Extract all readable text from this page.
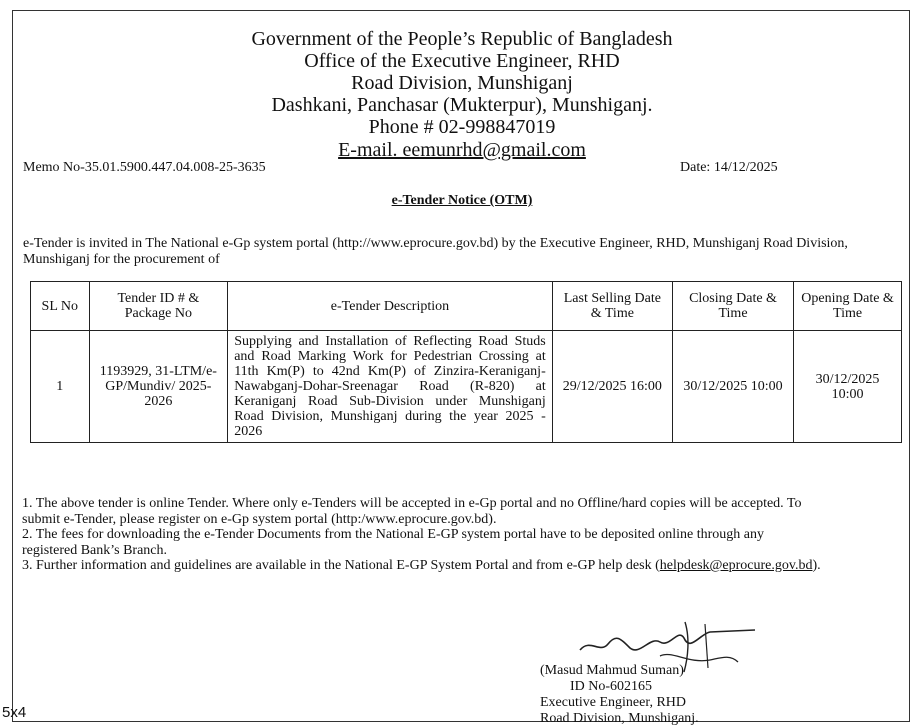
Government of the People’s Republic of Bangladesh
Office of the Executive Engineer, RHD
Road Division, Munshiganj
Dashkani, Panchasar (Mukterpur), Munshiganj.
Phone # 02-998847019
E-mail. eemunrhd@gmail.com
Memo No-35.01.5900.447.04.008-25-3635	Date: 14/12/2025
e-Tender Notice (OTM)
e-Tender is invited in The National e-Gp system portal (http://www.eprocure.gov.bd) by the Executive Engineer, RHD, Munshiganj Road Division, Munshiganj for the procurement of
SL No	Tender ID # & Package No	e-Tender Description	Last Selling Date & Time	Closing Date & Time	Opening Date & Time
1	1193929, 31-LTM/e-GP/Mundiv/ 2025-2026	Supplying and Installation of Reflecting Road Studs and Road Marking Work for Pedestrian Crossing at 11th Km(P) to 42nd Km(P) of Zinzira-Keraniganj-Nawabganj-Dohar-Sreenagar Road (R-820) at Keraniganj Road Sub-Division under Munshiganj Road Division, Munshiganj during the year 2025 - 2026	29/12/2025 16:00	30/12/2025 10:00	30/12/2025 10:00
1. The above tender is online Tender. Where only e-Tenders will be accepted in e-Gp portal and no Offline/hard copies will be accepted. To submit e-Tender, please register on e-Gp system portal (http:/www.eprocure.gov.bd).
2. The fees for downloading the e-Tender Documents from the National E-GP system portal have to be deposited online through any registered Bank’s Branch.
3. Further information and guidelines are available in the National E-GP System Portal and from e-GP help desk (helpdesk@eprocure.gov.bd).
(Masud Mahmud Suman)
ID No-602165
Executive Engineer, RHD
Road Division, Munshiganj.
5x4
